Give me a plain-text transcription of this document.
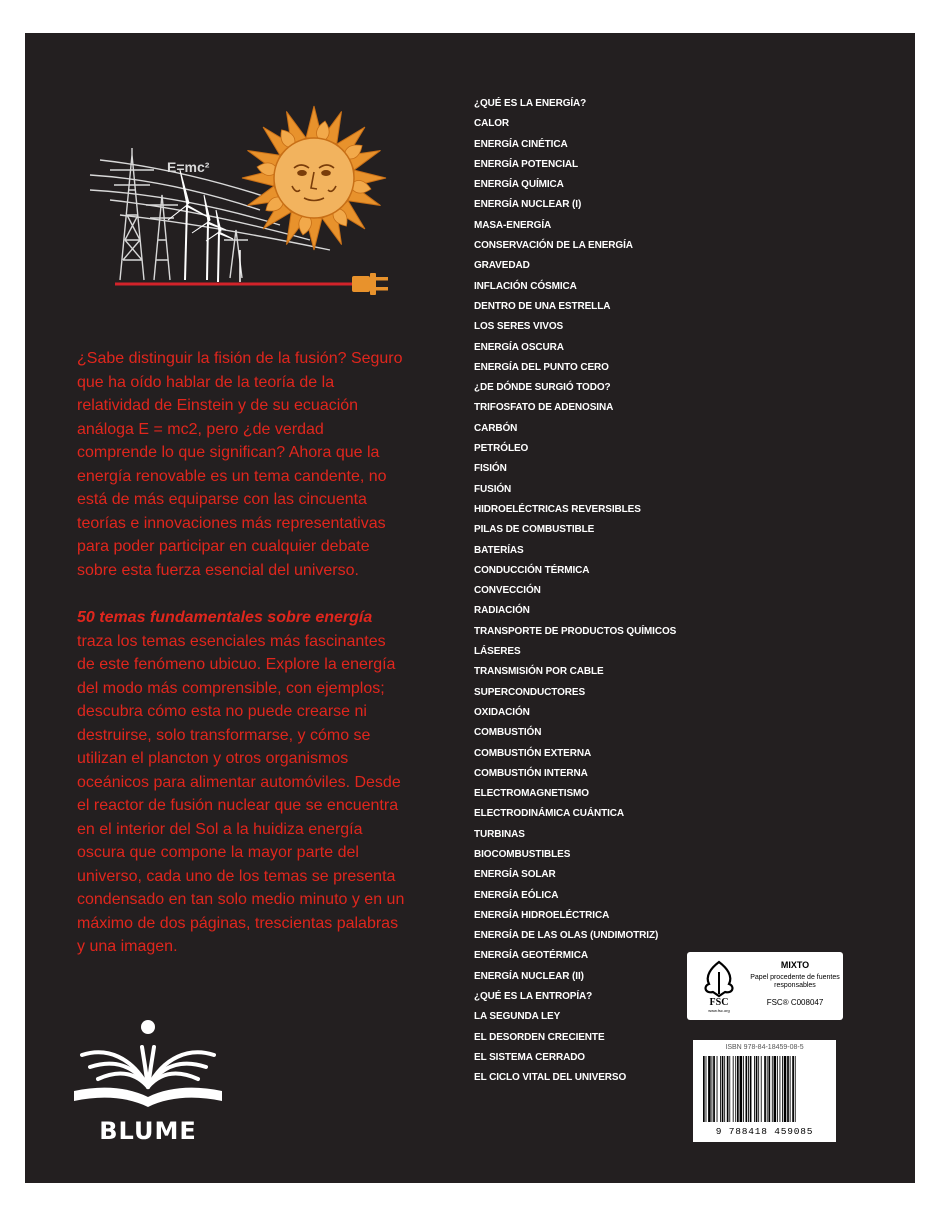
E=mc²

¿Sabe distinguir la fisión de la fusión? Seguro que ha oído hablar de la teoría de la relatividad de Einstein y de su ecuación análoga E = mc2, pero ¿de verdad comprende lo que significan? Ahora que la energía renovable es un tema candente, no está de más equiparse con las cincuenta teorías e innovaciones más representativas para poder participar en cualquier debate sobre esta fuerza esencial del universo.

50 temas fundamentales sobre energía traza los temas esenciales más fascinantes de este fenómeno ubicuo. Explore la energía del modo más comprensible, con ejemplos; descubra cómo esta no puede crearse ni destruirse, solo transformarse, y cómo se utilizan el plancton y otros organismos oceánicos para alimentar automóviles. Desde el reactor de fusión nuclear que se encuentra en el interior del Sol a la huidiza energía oscura que compone la mayor parte del universo, cada uno de los temas se presenta condensado en tan solo medio minuto y en un máximo de dos páginas, trescientas palabras y una imagen.

¿QUÉ ES LA ENERGÍA?
CALOR
ENERGÍA CINÉTICA
ENERGÍA POTENCIAL
ENERGÍA QUÍMICA
ENERGÍA NUCLEAR (I)
MASA-ENERGÍA
CONSERVACIÓN DE LA ENERGÍA
GRAVEDAD
INFLACIÓN CÓSMICA
DENTRO DE UNA ESTRELLA
LOS SERES VIVOS
ENERGÍA OSCURA
ENERGÍA DEL PUNTO CERO
¿DE DÓNDE SURGIÓ TODO?
TRIFOSFATO DE ADENOSINA
CARBÓN
PETRÓLEO
FISIÓN
FUSIÓN
HIDROELÉCTRICAS REVERSIBLES
PILAS DE COMBUSTIBLE
BATERÍAS
CONDUCCIÓN TÉRMICA
CONVECCIÓN
RADIACIÓN
TRANSPORTE DE PRODUCTOS QUÍMICOS
LÁSERES
TRANSMISIÓN POR CABLE
SUPERCONDUCTORES
OXIDACIÓN
COMBUSTIÓN
COMBUSTIÓN EXTERNA
COMBUSTIÓN INTERNA
ELECTROMAGNETISMO
ELECTRODINÁMICA CUÁNTICA
TURBINAS
BIOCOMBUSTIBLES
ENERGÍA SOLAR
ENERGÍA EÓLICA
ENERGÍA HIDROELÉCTRICA
ENERGÍA DE LAS OLAS (UNDIMOTRIZ)
ENERGÍA GEOTÉRMICA
ENERGÍA NUCLEAR (II)
¿QUÉ ES LA ENTROPÍA?
LA SEGUNDA LEY
EL DESORDEN CRECIENTE
EL SISTEMA CERRADO
EL CICLO VITAL DEL UNIVERSO
FSC
www.fsc.org
MIXTO
Papel procedente de fuentes responsables
FSC® C008047
ISBN 978-84-18459-08-5
9 788418 459085
BLUME
